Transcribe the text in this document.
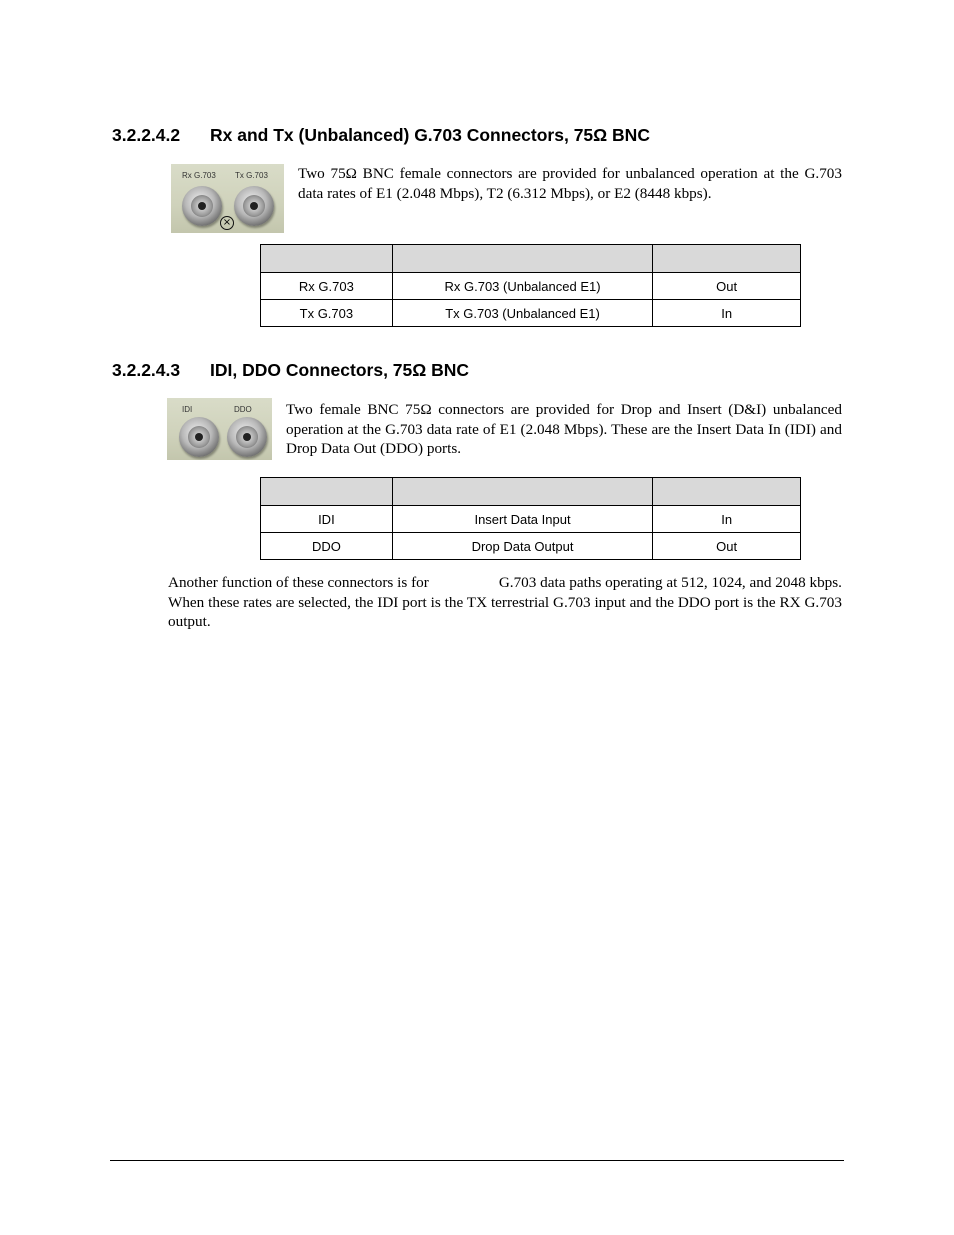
3.2.2.4.2 Rx and Tx (Unbalanced) G.703 Connectors, 75Ω BNC
Rx G.703 Tx G.703
×

Two 75Ω BNC female connectors are provided for unbalanced operation at the G.703 data rates of E1 (2.048 Mbps), T2 (6.312 Mbps), or E2 (8448 kbps).

Rx G.703	Rx G.703 (Unbalanced E1)	Out
Tx G.703	Tx G.703 (Unbalanced E1)	In
3.2.2.4.3 IDI, DDO Connectors, 75Ω BNC
IDI	DDO Two female BNC 75Ω connectors are provided for Drop and Insert (D&I) unbalanced operation at the G.703 data rate of E1 (2.048 Mbps). These are the Insert Data In (IDI) and Drop Data Out (DDO) ports.

IDI	Insert Data Input	In
DDO	Drop Data Output	Out

Another function of these connectors is for	G.703 data paths operating at 512, 1024, and 2048 kbps. When these rates are selected, the IDI port is the TX terrestrial G.703 input and the DDO port is the RX G.703 output.
